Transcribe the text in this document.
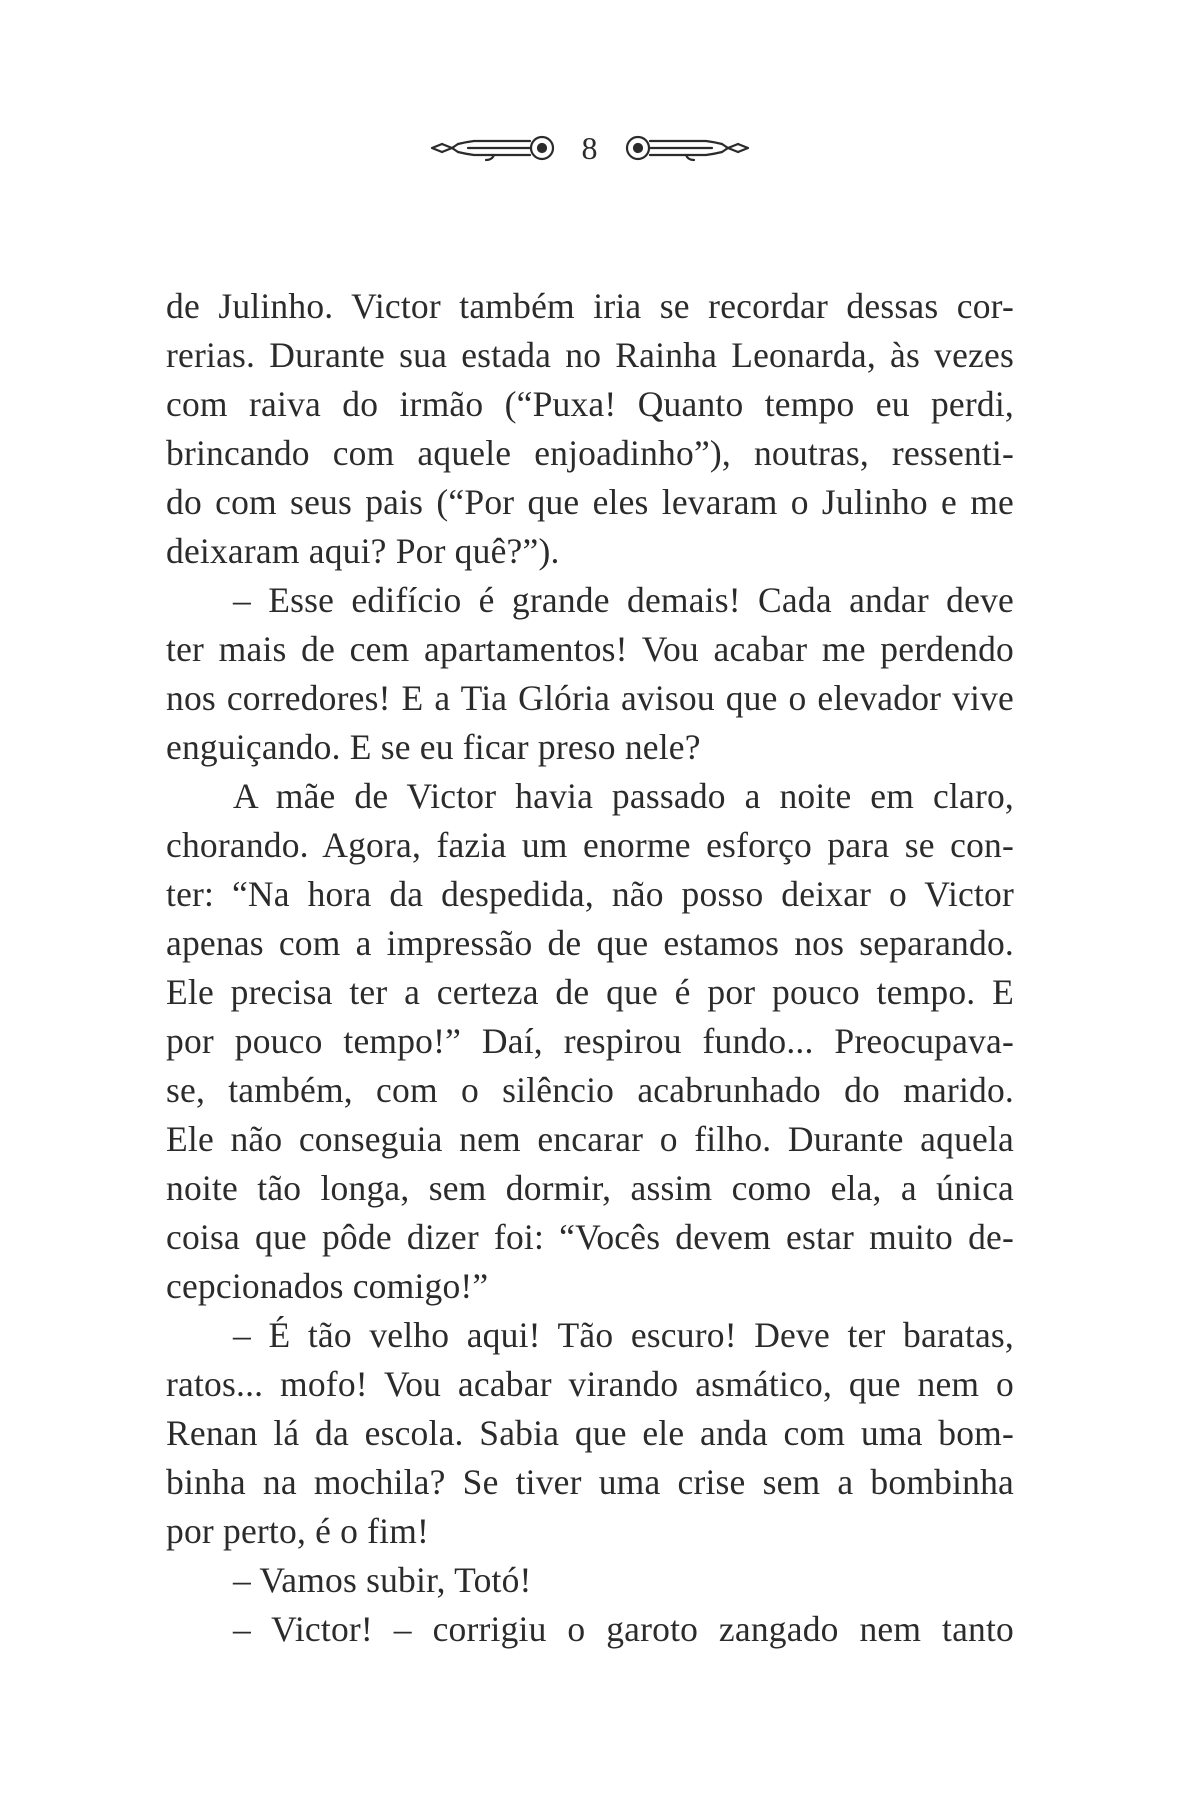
8
de Julinho. Victor também iria se recordar dessas cor-
rerias. Durante sua estada no Rainha Leonarda, às vezes
com raiva do irmão (“Puxa! Quanto tempo eu perdi,
brincando com aquele enjoadinho”), noutras, ressenti-
do com seus pais (“Por que eles levaram o Julinho e me
deixaram aqui? Por quê?”).
– Esse edifício é grande demais! Cada andar deve
ter mais de cem apartamentos! Vou acabar me perdendo
nos corredores! E a Tia Glória avisou que o elevador vive
enguiçando. E se eu ficar preso nele?
A mãe de Victor havia passado a noite em claro,
chorando. Agora, fazia um enorme esforço para se con-
ter: “Na hora da despedida, não posso deixar o Victor
apenas com a impressão de que estamos nos separando.
Ele precisa ter a certeza de que é por pouco tempo. E
por pouco tempo!” Daí, respirou fundo... Preocupava-
se, também, com o silêncio acabrunhado do marido.
Ele não conseguia nem encarar o filho. Durante aquela
noite tão longa, sem dormir, assim como ela, a única
coisa que pôde dizer foi: “Vocês devem estar muito de-
cepcionados comigo!”
– É tão velho aqui! Tão escuro! Deve ter baratas,
ratos... mofo! Vou acabar virando asmático, que nem o
Renan lá da escola. Sabia que ele anda com uma bom-
binha na mochila? Se tiver uma crise sem a bombinha
por perto, é o fim!
– Vamos subir, Totó!
– Victor! – corrigiu o garoto zangado nem tanto
